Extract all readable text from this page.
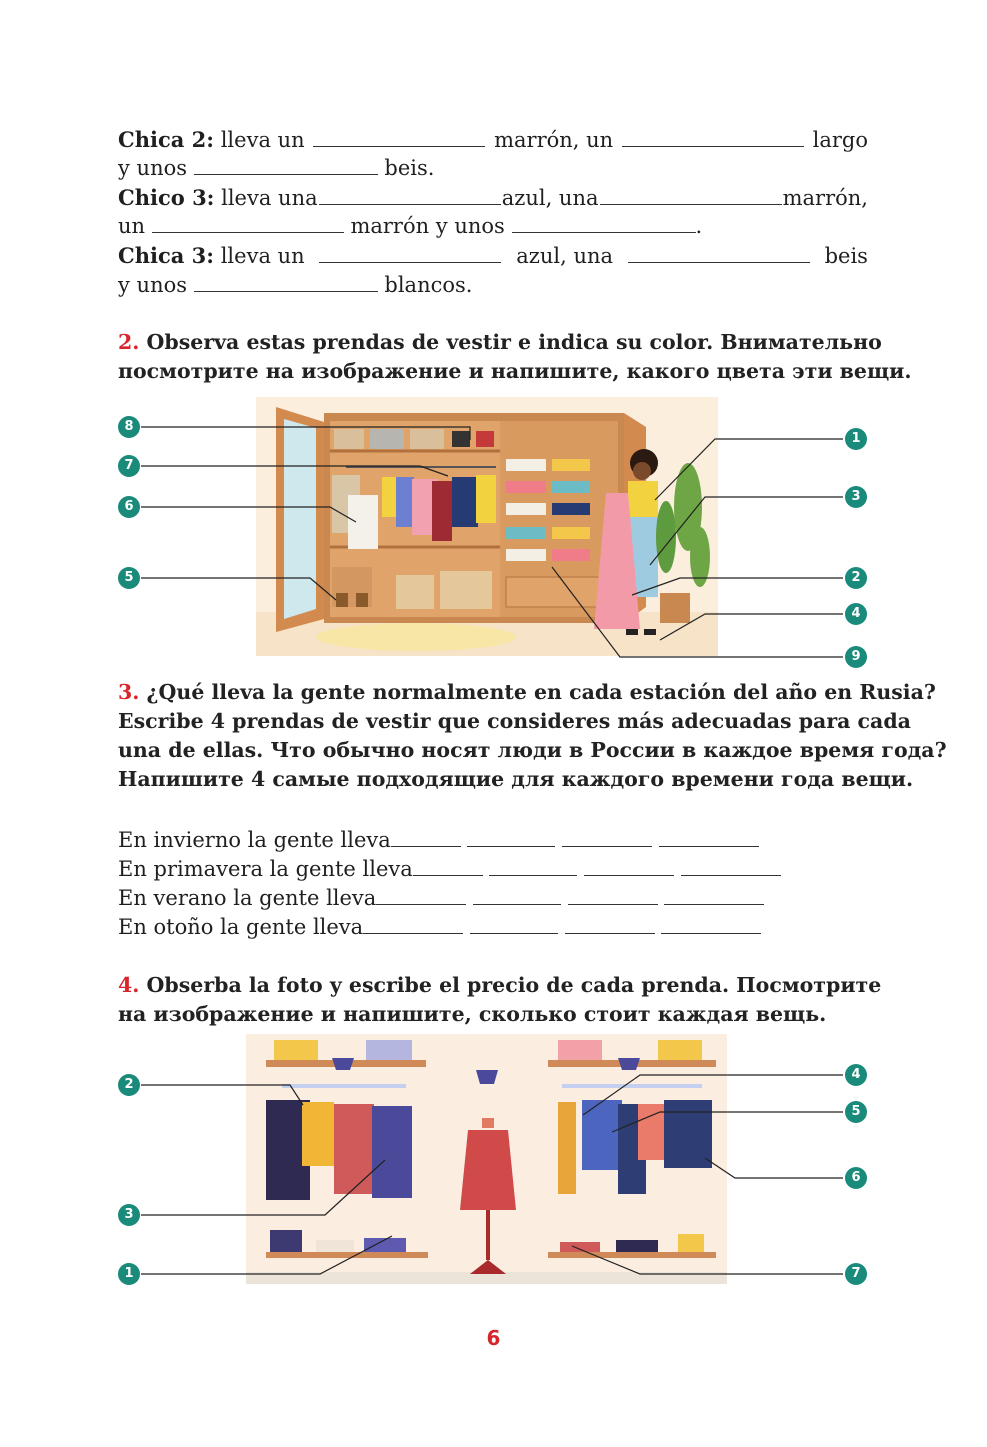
Chica 2: lleva un	marrón, un	largo
y unos	beis.
Chico 3: lleva una	azul, una	marrón,
un	marrón y unos	.
Chica 3: lleva un	azul, una	beis
y unos	blancos.
2. Observa estas prendas de vestir e indica su color. Внимательно
посмотрите на изображение и напишите, какого цвета эти вещи.
3. ¿Qué lleva la gente normalmente en cada estación del año en Rusia?
Escribe 4 prendas de vestir que consideres más adecuadas para cada
una de ellas. Что обычно носят люди в России в каждое время года?
Напишите 4 самые подходящие для каждого времени года вещи.
En invierno la gente lleva
En primavera la gente lleva
En verano la gente lleva
En otoño la gente lleva
4. Obserba la foto y escribe el precio de cada prenda. Посмотрите
на изображение и напишите, сколько стоит каждая вещь.
8
7
6
5
1
3
2
4
9
2
3
1
4
5
6
7
6
